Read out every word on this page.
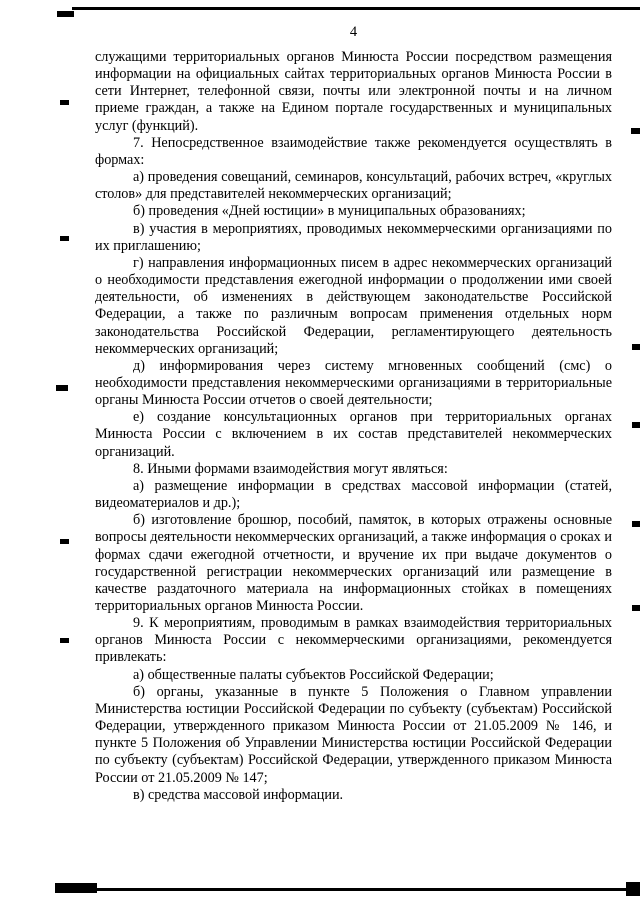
4

служащими территориальных органов Минюста России посредством размещения информации на официальных сайтах территориальных органов Минюста России в сети Интернет, телефонной связи, почты или электронной почты и на личном приеме граждан, а также на Едином портале государственных и муниципальных услуг (функций).

7. Непосредственное взаимодействие также рекомендуется осуществлять в формах:

а) проведения совещаний, семинаров, консультаций, рабочих встреч, «круглых столов» для представителей некоммерческих организаций;

б) проведения «Дней юстиции» в муниципальных образованиях;

в) участия в мероприятиях, проводимых некоммерческими организациями по их приглашению;

г) направления информационных писем в адрес некоммерческих организаций о необходимости представления ежегодной информации о продолжении ими своей деятельности, об изменениях в действующем законодательстве Российской Федерации, а также по различным вопросам применения отдельных норм законодательства Российской Федерации, регламентирующего деятельность некоммерческих организаций;

д) информирования через систему мгновенных сообщений (смс) о необходимости представления некоммерческими организациями в территориальные органы Минюста России отчетов о своей деятельности;

е) создание консультационных органов при территориальных органах Минюста России с включением в их состав представителей некоммерческих организаций.

8. Иными формами взаимодействия могут являться:

а) размещение информации в средствах массовой информации (статей, видеоматериалов и др.);

б) изготовление брошюр, пособий, памяток, в которых отражены основные вопросы деятельности некоммерческих организаций, а также информация о сроках и формах сдачи ежегодной отчетности, и вручение их при выдаче документов о государственной регистрации некоммерческих организаций или размещение в качестве раздаточного материала на информационных стойках в помещениях территориальных органов Минюста России.

9. К мероприятиям, проводимым в рамках взаимодействия территориальных органов Минюста России с некоммерческими организациями, рекомендуется привлекать:

а) общественные палаты субъектов Российской Федерации;

б) органы, указанные в пункте 5 Положения о Главном управлении Министерства юстиции Российской Федерации по субъекту (субъектам) Российской Федерации, утвержденного приказом Минюста России от 21.05.2009 № 146, и пункте 5 Положения об Управлении Министерства юстиции Российской Федерации по субъекту (субъектам) Российской Федерации, утвержденного приказом Минюста России от 21.05.2009 № 147;

в) средства массовой информации.
